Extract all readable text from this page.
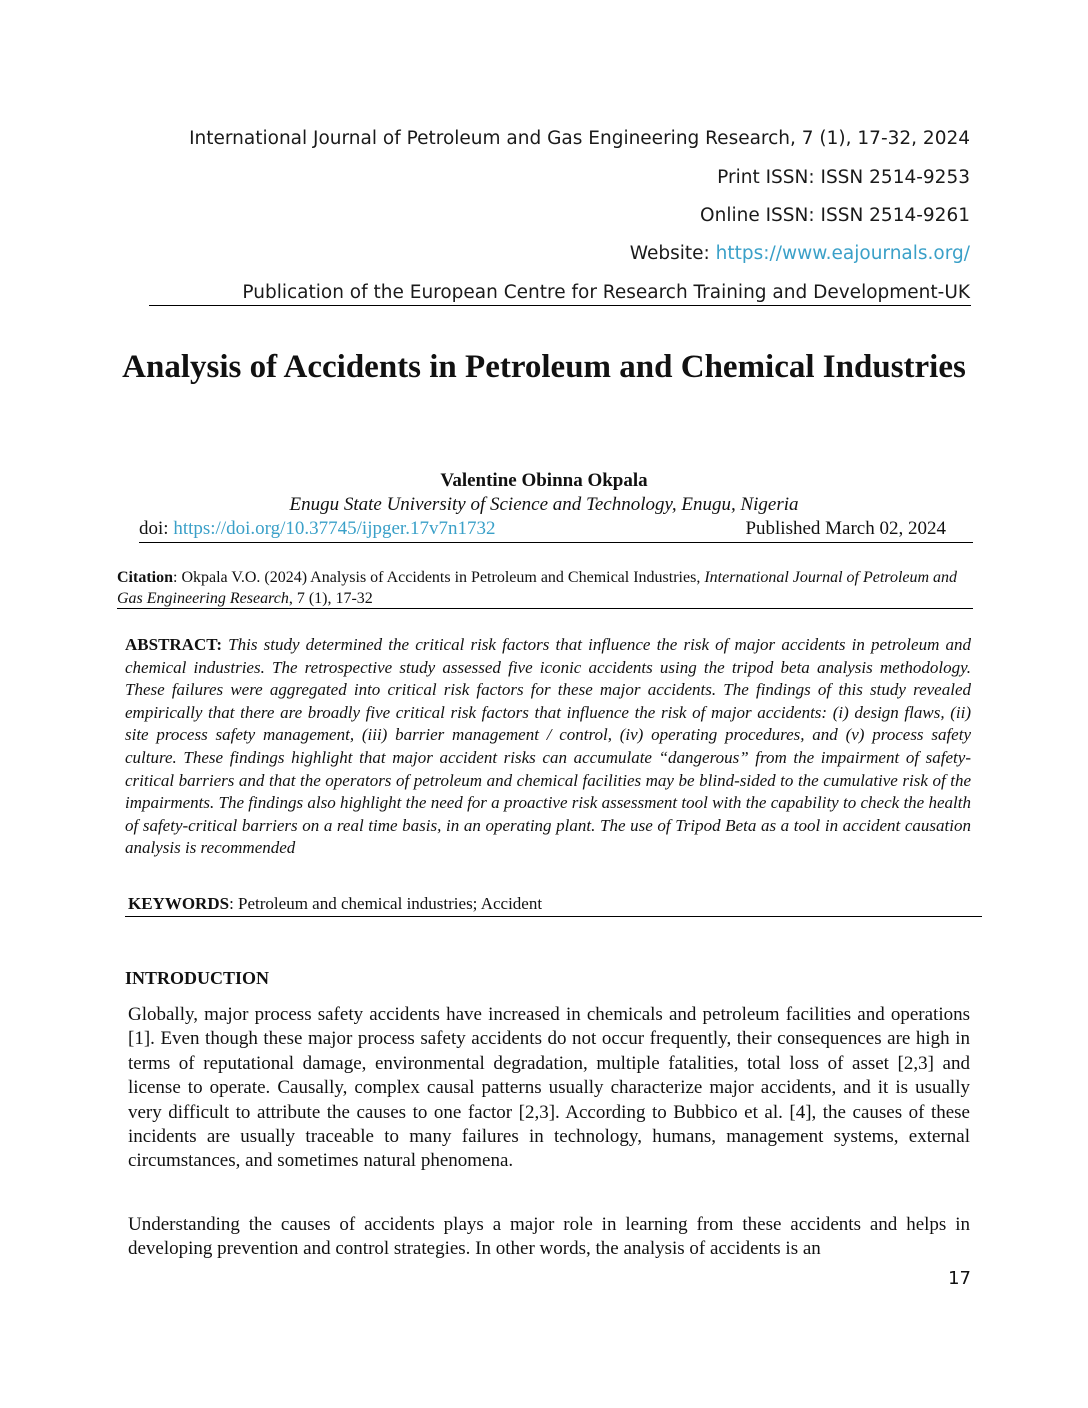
International Journal of Petroleum and Gas Engineering Research, 7 (1), 17-32, 2024
Print ISSN: ISSN 2514-9253
Online ISSN: ISSN 2514-9261
Website: https://www.eajournals.org/
Publication of the European Centre for Research Training and Development-UK
Analysis of Accidents in Petroleum and Chemical Industries
Valentine Obinna Okpala
Enugu State University of Science and Technology, Enugu, Nigeria
doi: https://doi.org/10.37745/ijpger.17v7n1732	Published March 02, 2024
Citation: Okpala V.O. (2024) Analysis of Accidents in Petroleum and Chemical Industries, International Journal of Petroleum and Gas Engineering Research, 7 (1), 17-32
ABSTRACT: This study determined the critical risk factors that influence the risk of major accidents in petroleum and chemical industries. The retrospective study assessed five iconic accidents using the tripod beta analysis methodology. These failures were aggregated into critical risk factors for these major accidents. The findings of this study revealed empirically that there are broadly five critical risk factors that influence the risk of major accidents: (i) design flaws, (ii) site process safety management, (iii) barrier management / control, (iv) operating procedures, and (v) process safety culture. These findings highlight that major accident risks can accumulate “dangerous” from the impairment of safety-critical barriers and that the operators of petroleum and chemical facilities may be blind-sided to the cumulative risk of the impairments. The findings also highlight the need for a proactive risk assessment tool with the capability to check the health of safety-critical barriers on a real time basis, in an operating plant. The use of Tripod Beta as a tool in accident causation analysis is recommended
KEYWORDS: Petroleum and chemical industries; Accident
INTRODUCTION
Globally, major process safety accidents have increased in chemicals and petroleum facilities and operations [1]. Even though these major process safety accidents do not occur frequently, their consequences are high in terms of reputational damage, environmental degradation, multiple fatalities, total loss of asset [2,3] and license to operate. Causally, complex causal patterns usually characterize major accidents, and it is usually very difficult to attribute the causes to one factor [2,3]. According to Bubbico et al. [4], the causes of these incidents are usually traceable to many failures in technology, humans, management systems, external circumstances, and sometimes natural phenomena.
Understanding the causes of accidents plays a major role in learning from these accidents and helps in developing prevention and control strategies. In other words, the analysis of accidents is an
17
